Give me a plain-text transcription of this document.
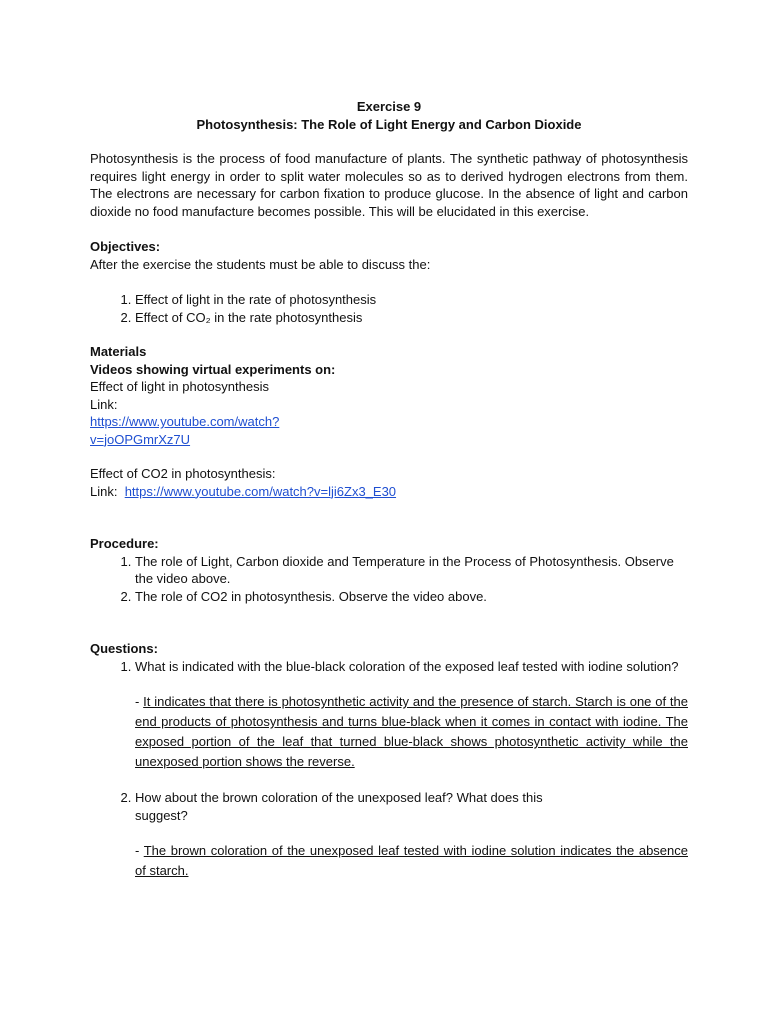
Exercise 9
Photosynthesis: The Role of Light Energy and Carbon Dioxide

Photosynthesis is the process of food manufacture of plants. The synthetic pathway of photosynthesis requires light energy in order to split water molecules so as to derived hydrogen electrons from them. The electrons are necessary for carbon fixation to produce glucose. In the absence of light and carbon dioxide no food manufacture becomes possible. This will be elucidated in this exercise.

Objectives:
After the exercise the students must be able to discuss the:
1. Effect of light in the rate of photosynthesis
2. Effect of CO₂ in the rate photosynthesis
Materials
Videos showing virtual experiments on:
Effect of light in photosynthesis
Link:
https://www.youtube.com/watch?
v=joOPGmrXz7U
Effect of CO2 in photosynthesis:
Link: https://www.youtube.com/watch?v=lji6Zx3_E30
Procedure:
1. The role of Light, Carbon dioxide and Temperature in the Process of Photosynthesis. Observe the video above.
2. The role of CO2 in photosynthesis. Observe the video above.
Questions:
1. What is indicated with the blue-black coloration of the exposed leaf tested with iodine solution?
- It indicates that there is photosynthetic activity and the presence of starch. Starch is one of the end products of photosynthesis and turns blue-black when it comes in contact with iodine. The exposed portion of the leaf that turned blue-black shows photosynthetic activity while the unexposed portion shows the reverse.
2. How about the brown coloration of the unexposed leaf? What does this
suggest?
- The brown coloration of the unexposed leaf tested with iodine solution indicates the absence of starch.
